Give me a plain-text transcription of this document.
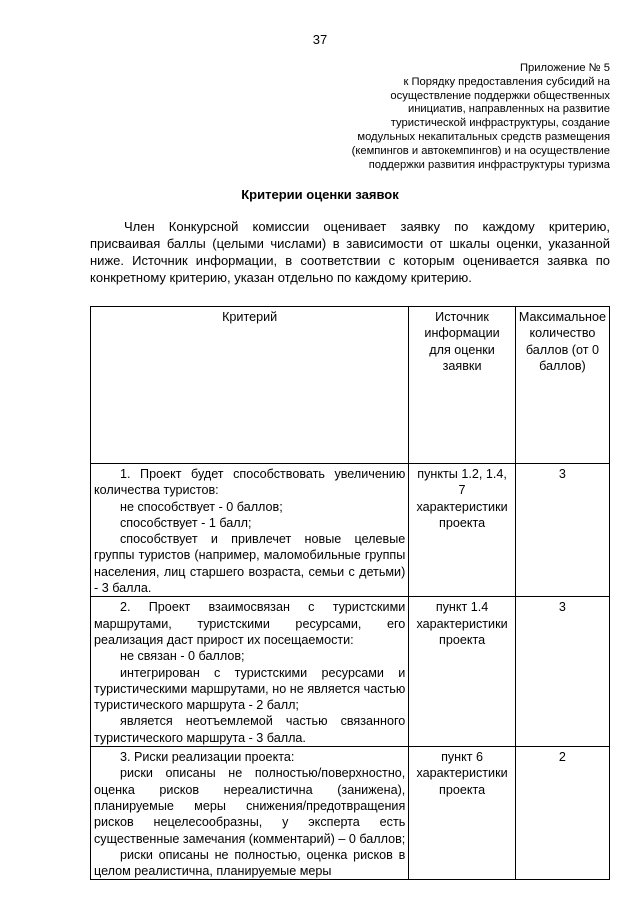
37
Приложение № 5
к Порядку предоставления субсидий на
осуществление поддержки общественных
инициатив, направленных на развитие
туристической инфраструктуры, создание
модульных некапитальных средств размещения
(кемпингов и автокемпингов) и на осуществление
поддержки развития инфраструктуры туризма
Критерии оценки заявок
Член Конкурсной комиссии оценивает заявку по каждому критерию, присваивая баллы (целыми числами) в зависимости от шкалы оценки, указанной ниже. Источник информации, в соответствии с которым оценивается заявка по конкретному критерию, указан отдельно по каждому критерию.
Критерий	Источник информации для оценки заявки	Максимальное количество баллов (от 0 баллов)

1. Проект будет способствовать увеличению количества туристов:
не способствует - 0 баллов;
способствует - 1 балл;
способствует и привлечет новые целевые группы туристов (например, маломобильные группы населения, лиц старшего возраста, семьи с детьми) - 3 балла.	пункты 1.2, 1.4, 7 характеристики проекта	3

2. Проект взаимосвязан с туристскими маршрутами, туристскими ресурсами, его реализация даст прирост их посещаемости:
не связан - 0 баллов;
интегрирован с туристскими ресурсами и туристическими маршрутами, но не является частью туристического маршрута - 2 балл;
является неотъемлемой частью связанного туристического маршрута - 3 балла.	пункт 1.4 характеристики проекта	3

3. Риски реализации проекта:
риски описаны не полностью/поверхностно, оценка рисков нереалистична (занижена), планируемые меры снижения/предотвращения рисков нецелесообразны, у эксперта есть существенные замечания (комментарий) – 0 баллов;
риски описаны не полностью, оценка рисков в целом реалистична, планируемые меры	пункт 6 характеристики проекта	2
